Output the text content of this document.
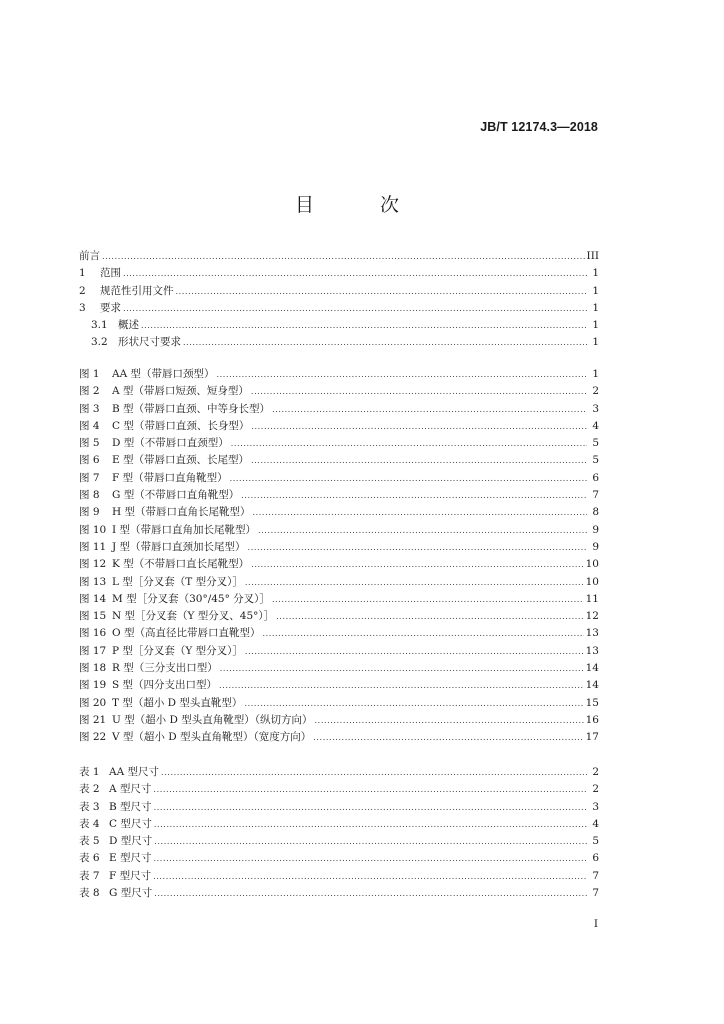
JB/T 12174.3—2018
目 次
前言 .....	III
1	范围 .....	1
2	规范性引用文件 .....	1
3	要求 .....	1
3.1 概述 .....	1
3.2 形状尺寸要求 .....	1
图 1	AA 型（带唇口颈型） .....	1
图 2	A 型（带唇口短颈、短身型） .....	2
图 3	B 型（带唇口直颈、中等身长型） .....	3
图 4	C 型（带唇口直颈、长身型） .....	4
图 5	D 型（不带唇口直颈型） .....	5
图 6	E 型（带唇口直颈、长尾型） .....	5
图 7	F 型（带唇口直角靴型） .....	6
图 8	G 型（不带唇口直角靴型） .....	7
图 9	H 型（带唇口直角长尾靴型） .....	8
图 10 I 型（带唇口直角加长尾靴型） .....	9
图 11 J 型（带唇口直颈加长尾型） .....	9
图 12 K 型（不带唇口直长尾靴型） .....	10
图 13 L 型［分叉套（T 型分叉）］ .....	10
图 14 M 型［分叉套（30°/45° 分叉）］ .....	11
图 15 N 型［分叉套（Y 型分叉、45°）］ .....	12
图 16 O 型（高直径比带唇口直靴型） .....	13
图 17 P 型［分叉套（Y 型分叉）］ .....	13
图 18 R 型（三分支出口型） .....	14
图 19 S 型（四分支出口型） .....	14
图 20 T 型（超小 D 型头直靴型） .....	15
图 21 U 型（超小 D 型头直角靴型）（纵切方向） .....	16
图 22 V 型（超小 D 型头直角靴型）（宽度方向） .....	17
表 1 AA 型尺寸 .....	2
表 2 A 型尺寸 .....	2
表 3 B 型尺寸 .....	3
表 4 C 型尺寸 .....	4
表 5 D 型尺寸 .....	5
表 6 E 型尺寸 .....	6
表 7 F 型尺寸 .....	7
表 8 G 型尺寸 .....	7
I
